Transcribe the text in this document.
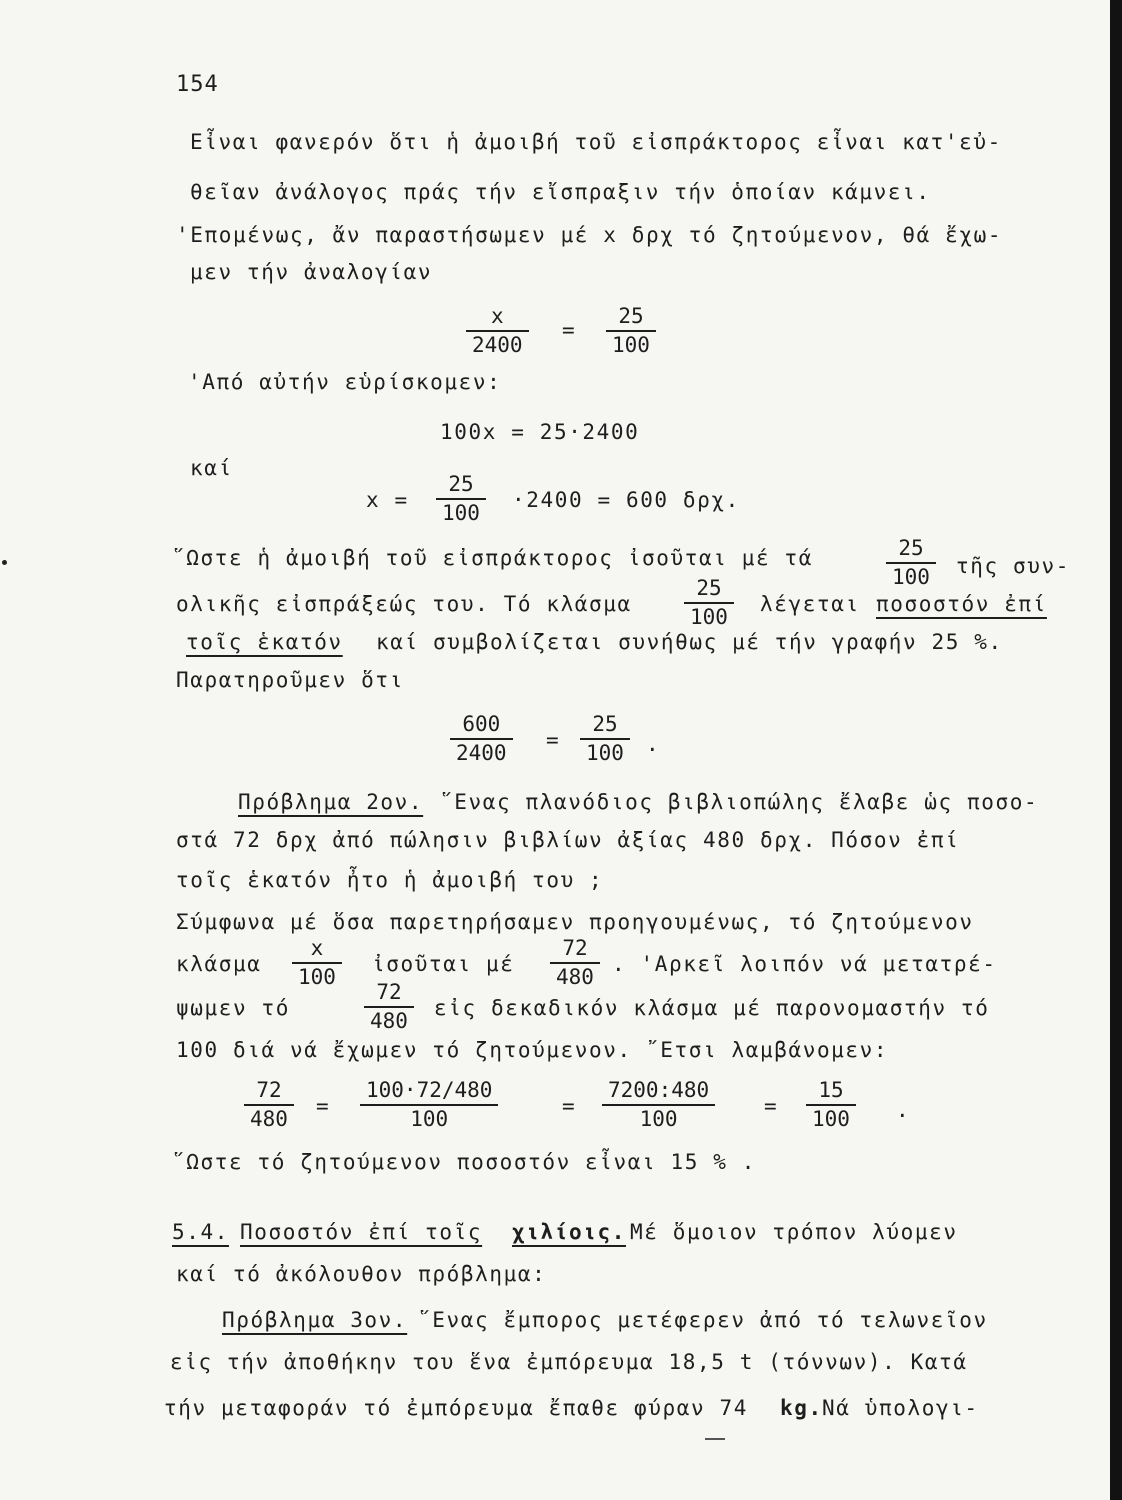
154
Εἶναι φανερόν ὅτι ἡ ἀμοιβή τοῦ εἰσπράκτορος εἶναι κατ'εὐ-
θεῖαν ἀνάλογος πράς τήν εἴσπραξιν τήν ὁποίαν κάμνει.
'Επομένως, ἄν παραστήσωμεν μέ x δρχ τό ζητούμενον, θά ἔχω-
μεν τήν ἀναλογίαν
$\frac{x}{2400} = \frac{25}{100}$
'Από αὐτήν εὑρίσκομεν:
100x = 25·2400
καί
$x = \frac{25}{100} \cdot 2400 = 600$ δρχ.
῞Ωστε ἡ ἀμοιβή τοῦ εἰσπράκτορος ἰσοῦται μέ τά	$\frac{25}{100}$ τῆς συν-
ολικῆς εἰσπράξεώς του. Τό κλάσμα $\frac{25}{100}$ λέγεται ποσοστόν ἐπί
τοῖς ἑκατόν καί συμβολίζεται συνήθως μέ τήν γραφήν 25 %.
Παρατηροῦμεν ὅτι
$\frac{600}{2400} = \frac{25}{100}$ .
Πρόβλημα 2ον. ῞Ενας πλανόδιος βιβλιοπώλης ἔλαβε ὡς ποσο-
στά 72 δρχ ἀπό πώλησιν βιβλίων ἀξίας 480 δρχ. Πόσον ἐπί
τοῖς ἑκατόν ἦτο ἡ ἀμοιβή του ;
Σύμφωνα μέ ὅσα παρετηρήσαμεν προηγουμένως, τό ζητούμενον
κλάσμα $\frac{x}{100}$ ἰσοῦται μέ $\frac{72}{480}$ . 'Αρκεῖ λοιπόν νά μετατρέ-
ψωμεν τό	$\frac{72}{480}$ εἰς δεκαδικόν κλάσμα μέ παρονομαστήν τό
100 διά νά ἔχωμεν τό ζητούμενον. ῎Ετσι λαμβάνομεν:
$\frac{72}{480} = \frac{100\cdot 72/480}{100}$	= $\frac{7200:480}{100} = \frac{15}{100}$ .
῞Ωστε τό ζητούμενον ποσοστόν εἶναι 15 % .
5.4. Ποσοστόν ἐπί τοῖς χιλίοις. Μέ ὅμοιον τρόπον λύομεν
καί τό ἀκόλουθον πρόβλημα:
Πρόβλημα 3ον. ῞Ενας ἔμπορος μετέφερεν ἀπό τό τελωνεῖον
εἰς τήν ἀποθήκην του ἕνα ἐμπόρευμα 18,5 t (τόννων). Κατά
τήν μεταφοράν τό ἐμπόρευμα ἔπαθε φύραν 74 kg. Νά ὑπολογι-
